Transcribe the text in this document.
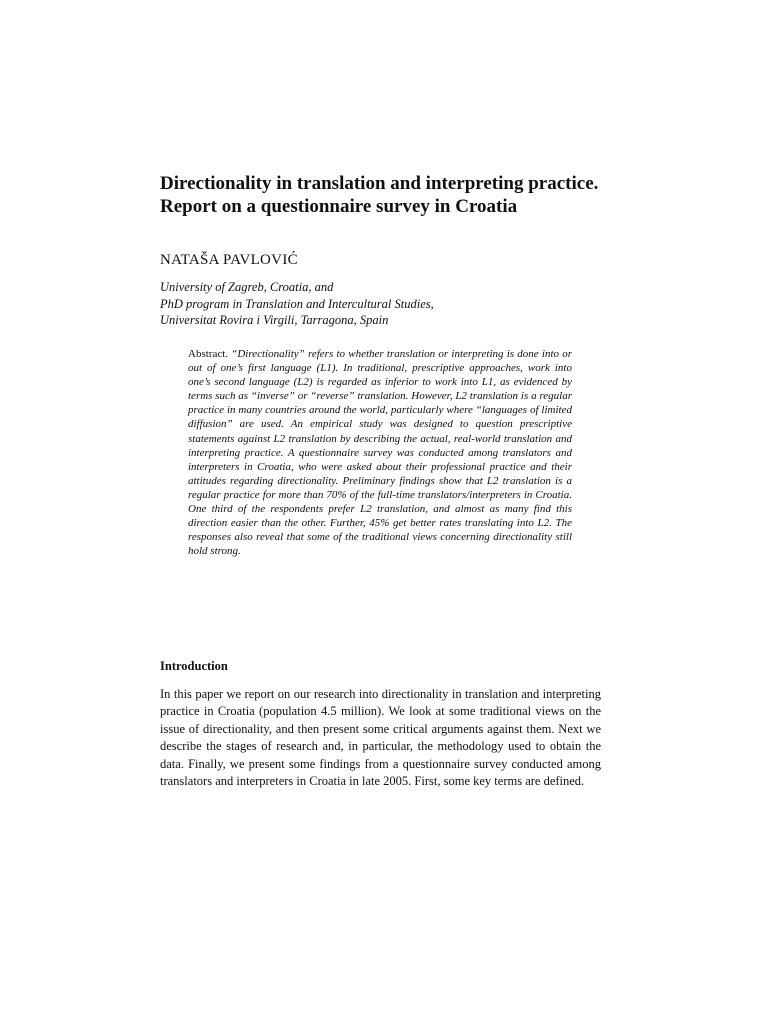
Directionality in translation and interpreting practice. Report on a questionnaire survey in Croatia

NATAŠA PAVLOVIĆ

University of Zagreb, Croatia, and
PhD program in Translation and Intercultural Studies,
Universitat Rovira i Virgili, Tarragona, Spain

Abstract. “Directionality” refers to whether translation or interpreting is done into or out of one’s first language (L1). In traditional, prescriptive approaches, work into one’s second language (L2) is regarded as inferior to work into L1, as evidenced by terms such as “inverse” or “reverse” translation. However, L2 translation is a regular practice in many countries around the world, particularly where “languages of limited diffusion” are used. An empirical study was designed to question prescriptive statements against L2 translation by describing the actual, real-world translation and interpreting practice. A questionnaire survey was conducted among translators and interpreters in Croatia, who were asked about their professional practice and their attitudes regarding directionality. Preliminary findings show that L2 translation is a regular practice for more than 70% of the full-time translators/interpreters in Croatia. One third of the respondents prefer L2 translation, and almost as many find this direction easier than the other. Further, 45% get better rates translating into L2. The responses also reveal that some of the traditional views concerning directionality still hold strong.

Introduction

In this paper we report on our research into directionality in translation and interpreting practice in Croatia (population 4.5 million). We look at some traditional views on the issue of directionality, and then present some critical arguments against them. Next we describe the stages of research and, in particular, the methodology used to obtain the data. Finally, we present some findings from a questionnaire survey conducted among translators and interpreters in Croatia in late 2005. First, some key terms are defined.
